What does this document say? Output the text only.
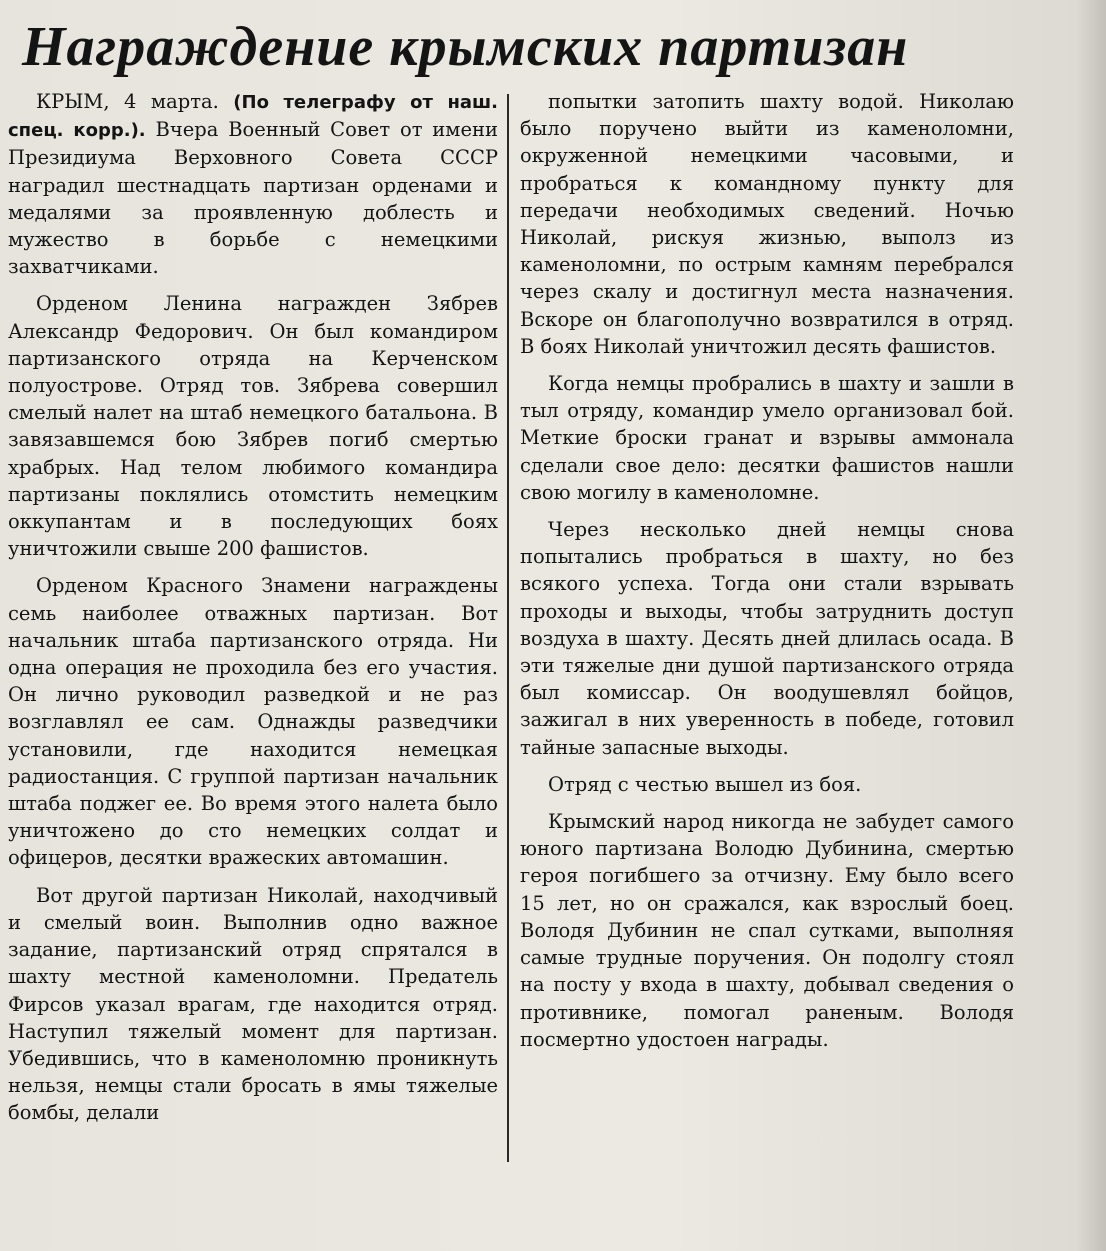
Награждение крымских партизан

КРЫМ, 4 марта. (По телеграфу от наш. спец. корр.). Вчера Военный Совет от имени Президиума Верховного Совета СССР наградил шестнадцать партизан орденами и медалями за проявленную доблесть и мужество в борьбе с немецкими захватчиками.

Орденом Ленина награжден Зябрев Александр Федорович. Он был командиром партизанского отряда на Керченском полуострове. Отряд тов. Зябрева совершил смелый налет на штаб немецкого батальона. В завязавшемся бою Зябрев погиб смертью храбрых. Над телом любимого командира партизаны поклялись отомстить немецким оккупантам и в последующих боях уничтожили свыше 200 фашистов.

Орденом Красного Знамени награждены семь наиболее отважных партизан. Вот начальник штаба партизанского отряда. Ни одна операция не проходила без его участия. Он лично руководил разведкой и не раз возглавлял ее сам. Однажды разведчики установили, где находится немецкая радиостанция. С группой партизан начальник штаба поджег ее. Во время этого налета было уничтожено до сто немецких солдат и офицеров, десятки вражеских автомашин.

Вот другой партизан Николай, находчивый и смелый воин. Выполнив одно важное задание, партизанский отряд спрятался в шахту местной каменоломни. Предатель Фирсов указал врагам, где находится отряд. Наступил тяжелый момент для партизан. Убедившись, что в каменоломню проникнуть нельзя, немцы стали бросать в ямы тяжелые бомбы, делали

попытки затопить шахту водой. Николаю было поручено выйти из каменоломни, окруженной немецкими часовыми, и пробраться к командному пункту для передачи необходимых сведений. Ночью Николай, рискуя жизнью, выполз из каменоломни, по острым камням перебрался через скалу и достигнул места назначения. Вскоре он благополучно возвратился в отряд. В боях Николай уничтожил десять фашистов.

Когда немцы пробрались в шахту и зашли в тыл отряду, командир умело организовал бой. Меткие броски гранат и взрывы аммонала сделали свое дело: десятки фашистов нашли свою могилу в каменоломне.

Через несколько дней немцы снова попытались пробраться в шахту, но без всякого успеха. Тогда они стали взрывать проходы и выходы, чтобы затруднить доступ воздуха в шахту. Десять дней длилась осада. В эти тяжелые дни душой партизанского отряда был комиссар. Он воодушевлял бойцов, зажигал в них уверенность в победе, готовил тайные запасные выходы.

Отряд с честью вышел из боя.

Крымский народ никогда не забудет самого юного партизана Володю Дубинина, смертью героя погибшего за отчизну. Ему было всего 15 лет, но он сражался, как взрослый боец. Володя Дубинин не спал сутками, выполняя самые трудные поручения. Он подолгу стоял на посту у входа в шахту, добывал сведения о противнике, помогал раненым. Володя посмертно удостоен награды.
